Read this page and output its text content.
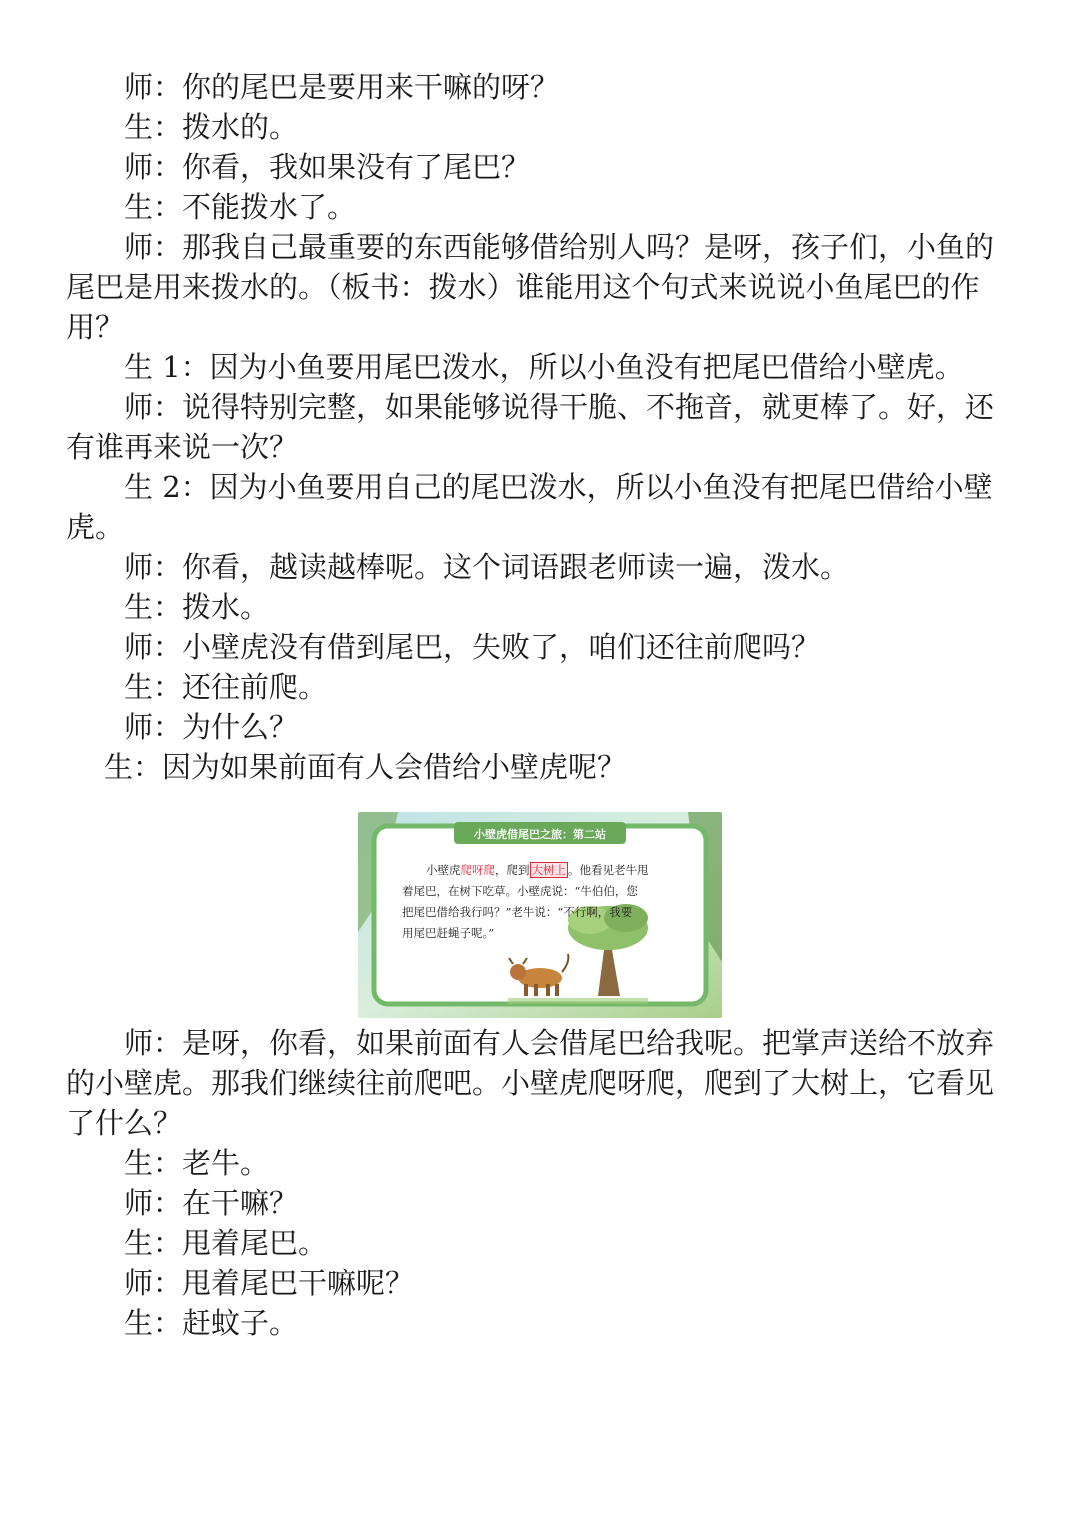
师：你的尾巴是要用来干嘛的呀？
生：拨水的。
师：你看，我如果没有了尾巴？
生：不能拨水了。
师：那我自己最重要的东西能够借给别人吗？是呀，孩子们，小鱼的
尾巴是用来拨水的。（板书：拨水）谁能用这个句式来说说小鱼尾巴的作
用？
生 1：因为小鱼要用尾巴泼水，所以小鱼没有把尾巴借给小壁虎。
师：说得特别完整，如果能够说得干脆、不拖音，就更棒了。好，还
有谁再来说一次？
生 2：因为小鱼要用自己的尾巴泼水，所以小鱼没有把尾巴借给小壁
虎。
师：你看，越读越棒呢。这个词语跟老师读一遍，泼水。
生：拨水。
师：小壁虎没有借到尾巴，失败了，咱们还往前爬吗？
生：还往前爬。
师：为什么？
生：因为如果前面有人会借给小壁虎呢？
小壁虎借尾巴之旅：第二站
小壁虎爬呀爬，爬到 大树上 。他看见老牛甩
着尾巴，在树下吃草。小壁虎说：“牛伯伯，您
把尾巴借给我行吗？”老牛说：“不行啊，我要
用尾巴赶蝇子呢。”
师：是呀，你看，如果前面有人会借尾巴给我呢。把掌声送给不放弃
的小壁虎。那我们继续往前爬吧。小壁虎爬呀爬，爬到了大树上，它看见
了什么？
生：老牛。
师：在干嘛？
生：甩着尾巴。
师：甩着尾巴干嘛呢？
生：赶蚊子。
